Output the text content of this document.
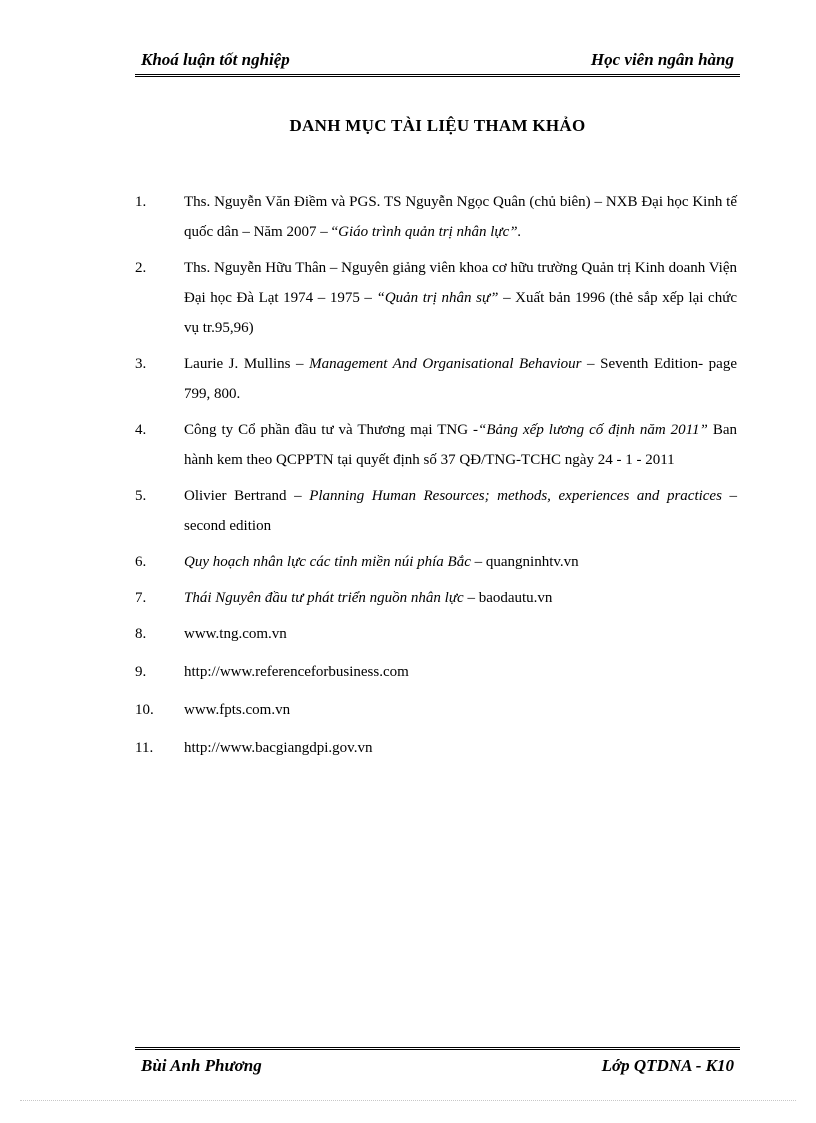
Khoá luận tốt nghiệp	Học viên ngân hàng
DANH MỤC TÀI LIỆU THAM KHẢO
1.	Ths. Nguyễn Văn Điềm và PGS. TS Nguyễn Ngọc Quân (chủ biên) – NXB Đại học Kinh tế quốc dân – Năm 2007 – “Giáo trình quản trị nhân lực”.
2.	Ths. Nguyễn Hữu Thân – Nguyên giảng viên khoa cơ hữu trường Quản trị Kinh doanh Viện Đại học Đà Lạt 1974 – 1975 – “Quản trị nhân sự” – Xuất bản 1996 (thẻ sắp xếp lại chức vụ tr.95,96)
3.	Laurie J. Mullins – Management And Organisational Behaviour – Seventh Edition- page 799, 800.
4.	Công ty Cổ phần đầu tư và Thương mại TNG -“Bảng xếp lương cố định năm 2011” Ban hành kem theo QCPPTN tại quyết định số 37 QĐ/TNG-TCHC ngày 24 - 1 - 2011
5.	Olivier Bertrand – Planning Human Resources; methods, experiences and practices – second edition
6.	Quy hoạch nhân lực các tỉnh miền núi phía Bắc – quangninhtv.vn
7.	Thái Nguyên đầu tư phát triển nguồn nhân lực – baodautu.vn
8.	www.tng.com.vn
9.	http://www.referenceforbusiness.com
10.	www.fpts.com.vn
11.	http://www.bacgiangdpi.gov.vn
Bùi Anh Phương	Lớp QTDNA - K10
